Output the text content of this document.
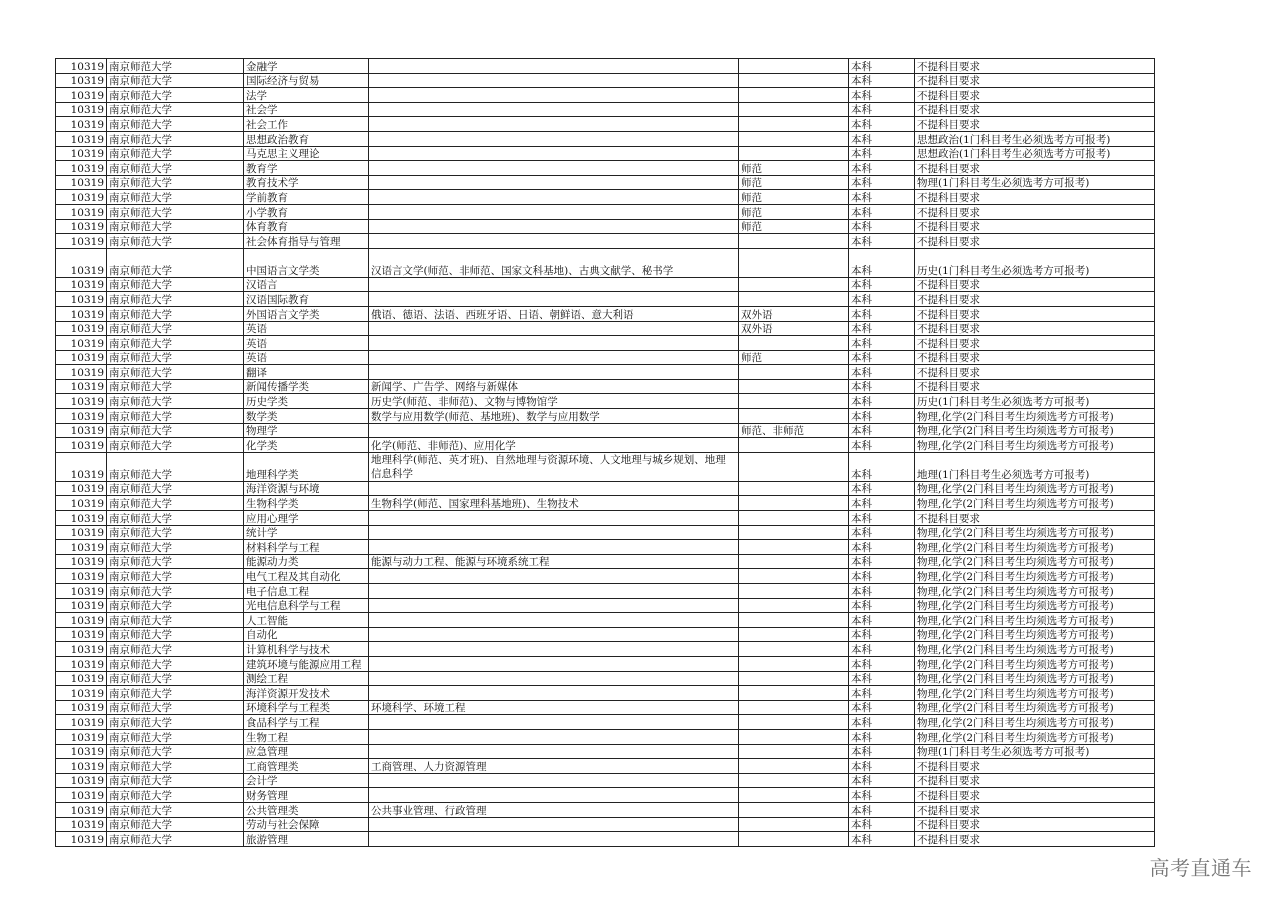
10319	南京师范大学	金融学			本科	不提科目要求
10319	南京师范大学	国际经济与贸易			本科	不提科目要求
10319	南京师范大学	法学			本科	不提科目要求
10319	南京师范大学	社会学			本科	不提科目要求
10319	南京师范大学	社会工作			本科	不提科目要求
10319	南京师范大学	思想政治教育			本科	思想政治(1门科目考生必须选考方可报考)
10319	南京师范大学	马克思主义理论			本科	思想政治(1门科目考生必须选考方可报考)
10319	南京师范大学	教育学		师范	本科	不提科目要求
10319	南京师范大学	教育技术学		师范	本科	物理(1门科目考生必须选考方可报考)
10319	南京师范大学	学前教育		师范	本科	不提科目要求
10319	南京师范大学	小学教育		师范	本科	不提科目要求
10319	南京师范大学	体育教育		师范	本科	不提科目要求
10319	南京师范大学	社会体育指导与管理			本科	不提科目要求
10319	南京师范大学	中国语言文学类	汉语言文学(师范、非师范、国家文科基地)、古典文献学、秘书学		本科	历史(1门科目考生必须选考方可报考)
10319	南京师范大学	汉语言			本科	不提科目要求
10319	南京师范大学	汉语国际教育			本科	不提科目要求
10319	南京师范大学	外国语言文学类	俄语、德语、法语、西班牙语、日语、朝鲜语、意大利语	双外语	本科	不提科目要求
10319	南京师范大学	英语		双外语	本科	不提科目要求
10319	南京师范大学	英语			本科	不提科目要求
10319	南京师范大学	英语		师范	本科	不提科目要求
10319	南京师范大学	翻译			本科	不提科目要求
10319	南京师范大学	新闻传播学类	新闻学、广告学、网络与新媒体		本科	不提科目要求
10319	南京师范大学	历史学类	历史学(师范、非师范)、文物与博物馆学		本科	历史(1门科目考生必须选考方可报考)
10319	南京师范大学	数学类	数学与应用数学(师范、基地班)、数学与应用数学		本科	物理,化学(2门科目考生均须选考方可报考)
10319	南京师范大学	物理学		师范、非师范	本科	物理,化学(2门科目考生均须选考方可报考)
10319	南京师范大学	化学类	化学(师范、非师范)、应用化学		本科	物理,化学(2门科目考生均须选考方可报考)
10319	南京师范大学	地理科学类	地理科学(师范、英才班)、自然地理与资源环境、人文地理与城乡规划、地理信息科学		本科	地理(1门科目考生必须选考方可报考)
10319	南京师范大学	海洋资源与环境			本科	物理,化学(2门科目考生均须选考方可报考)
10319	南京师范大学	生物科学类	生物科学(师范、国家理科基地班)、生物技术		本科	物理,化学(2门科目考生均须选考方可报考)
10319	南京师范大学	应用心理学			本科	不提科目要求
10319	南京师范大学	统计学			本科	物理,化学(2门科目考生均须选考方可报考)
10319	南京师范大学	材料科学与工程			本科	物理,化学(2门科目考生均须选考方可报考)
10319	南京师范大学	能源动力类	能源与动力工程、能源与环境系统工程		本科	物理,化学(2门科目考生均须选考方可报考)
10319	南京师范大学	电气工程及其自动化			本科	物理,化学(2门科目考生均须选考方可报考)
10319	南京师范大学	电子信息工程			本科	物理,化学(2门科目考生均须选考方可报考)
10319	南京师范大学	光电信息科学与工程			本科	物理,化学(2门科目考生均须选考方可报考)
10319	南京师范大学	人工智能			本科	物理,化学(2门科目考生均须选考方可报考)
10319	南京师范大学	自动化			本科	物理,化学(2门科目考生均须选考方可报考)
10319	南京师范大学	计算机科学与技术			本科	物理,化学(2门科目考生均须选考方可报考)
10319	南京师范大学	建筑环境与能源应用工程			本科	物理,化学(2门科目考生均须选考方可报考)
10319	南京师范大学	测绘工程			本科	物理,化学(2门科目考生均须选考方可报考)
10319	南京师范大学	海洋资源开发技术			本科	物理,化学(2门科目考生均须选考方可报考)
10319	南京师范大学	环境科学与工程类	环境科学、环境工程		本科	物理,化学(2门科目考生均须选考方可报考)
10319	南京师范大学	食品科学与工程			本科	物理,化学(2门科目考生均须选考方可报考)
10319	南京师范大学	生物工程			本科	物理,化学(2门科目考生均须选考方可报考)
10319	南京师范大学	应急管理			本科	物理(1门科目考生必须选考方可报考)
10319	南京师范大学	工商管理类	工商管理、人力资源管理		本科	不提科目要求
10319	南京师范大学	会计学			本科	不提科目要求
10319	南京师范大学	财务管理			本科	不提科目要求
10319	南京师范大学	公共管理类	公共事业管理、行政管理		本科	不提科目要求
10319	南京师范大学	劳动与社会保障			本科	不提科目要求
10319	南京师范大学	旅游管理			本科	不提科目要求
高考直通车
